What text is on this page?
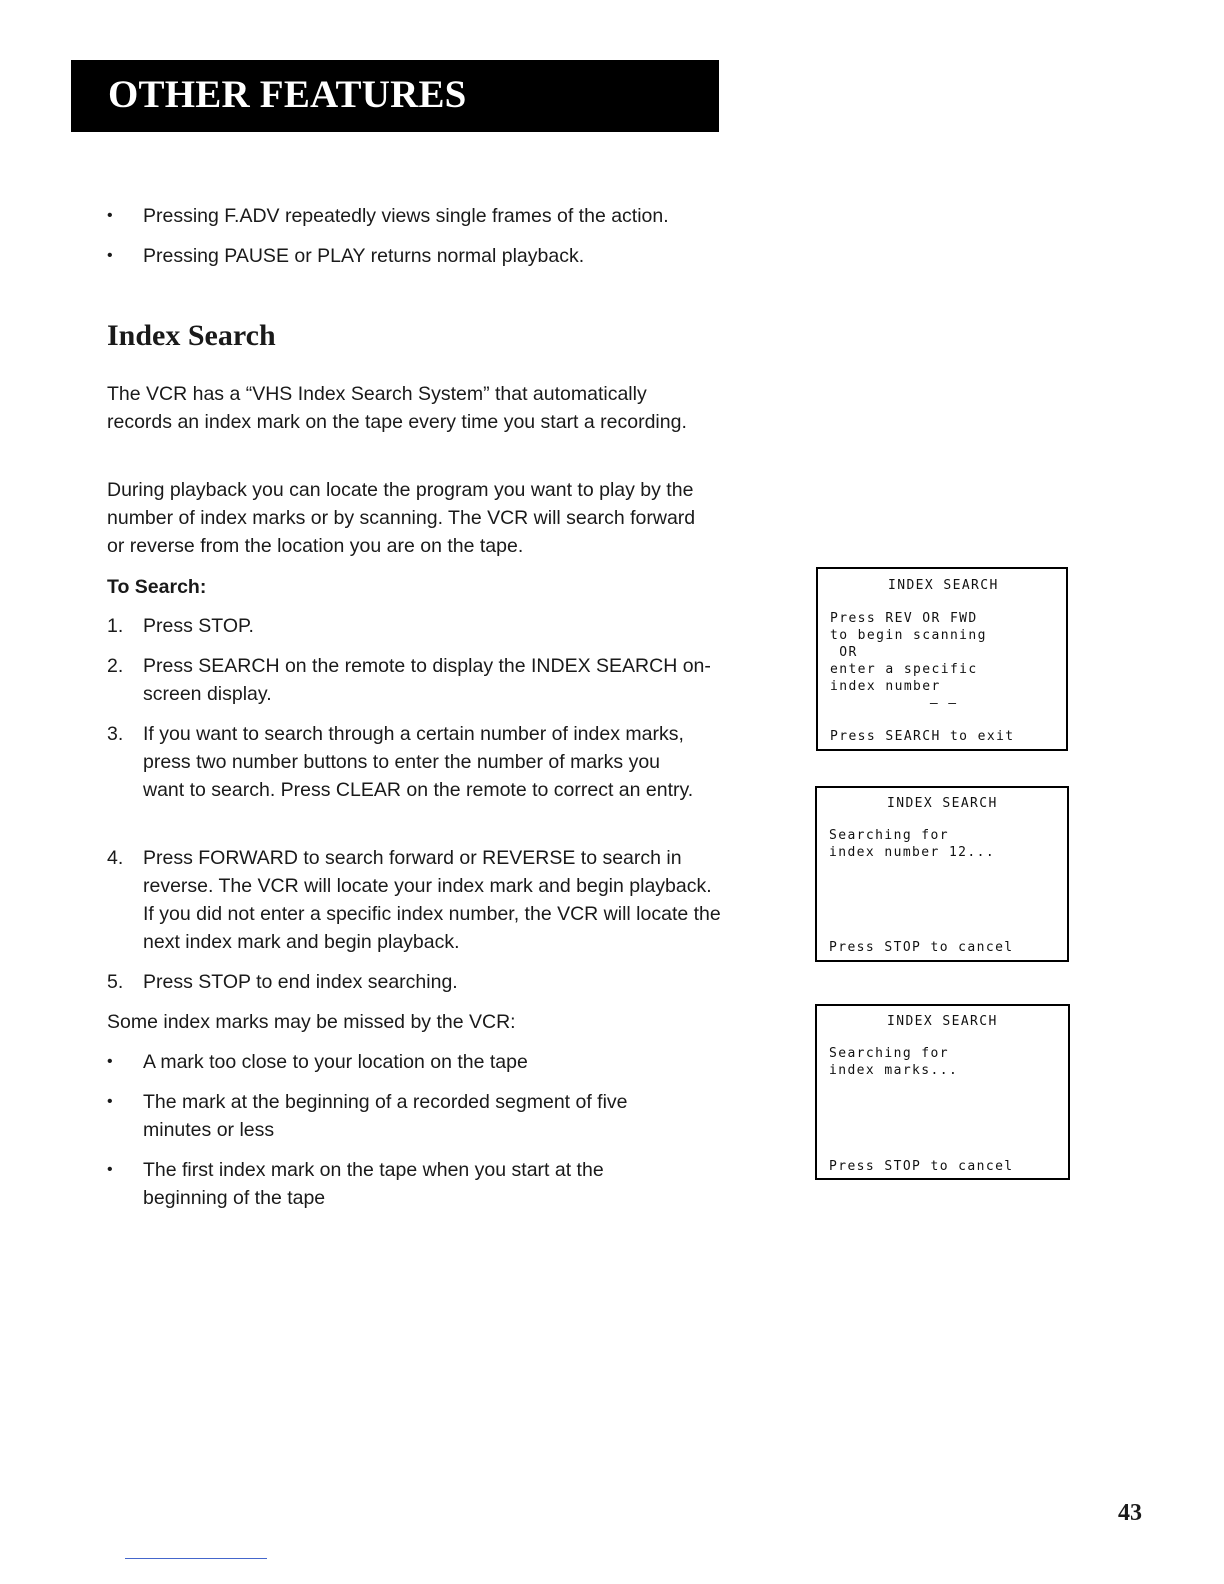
OTHER FEATURES
• Pressing F.ADV repeatedly views single frames of the action.
• Pressing PAUSE or PLAY returns normal playback.
Index Search

The VCR has a “VHS Index Search System” that automatically records an index mark on the tape every time you start a recording.

During playback you can locate the program you want to play by the number of index marks or by scanning. The VCR will search forward or reverse from the location you are on the tape.

To Search:

1. Press STOP.
2. Press SEARCH on the remote to display the INDEX SEARCH on-screen display.
3. If you want to search through a certain number of index marks, press two number buttons to enter the number of marks you want to search. Press CLEAR on the remote to correct an entry.
4. Press FORWARD to search forward or REVERSE to search in reverse. The VCR will locate your index mark and begin playback. If you did not enter a specific index number, the VCR will locate the next index mark and begin playback.
5. Press STOP to end index searching.

Some index marks may be missed by the VCR:

• A mark too close to your location on the tape
• The mark at the beginning of a recorded segment of five minutes or less
• The first index mark on the tape when you start at the beginning of the tape
INDEX SEARCH
Press REV OR FWD
to begin scanning
OR
enter a specific
index number
– –
Press SEARCH to exit
INDEX SEARCH
Searching for
index number 12...
Press STOP to cancel
INDEX SEARCH
Searching for
index marks...
Press STOP to cancel

43
